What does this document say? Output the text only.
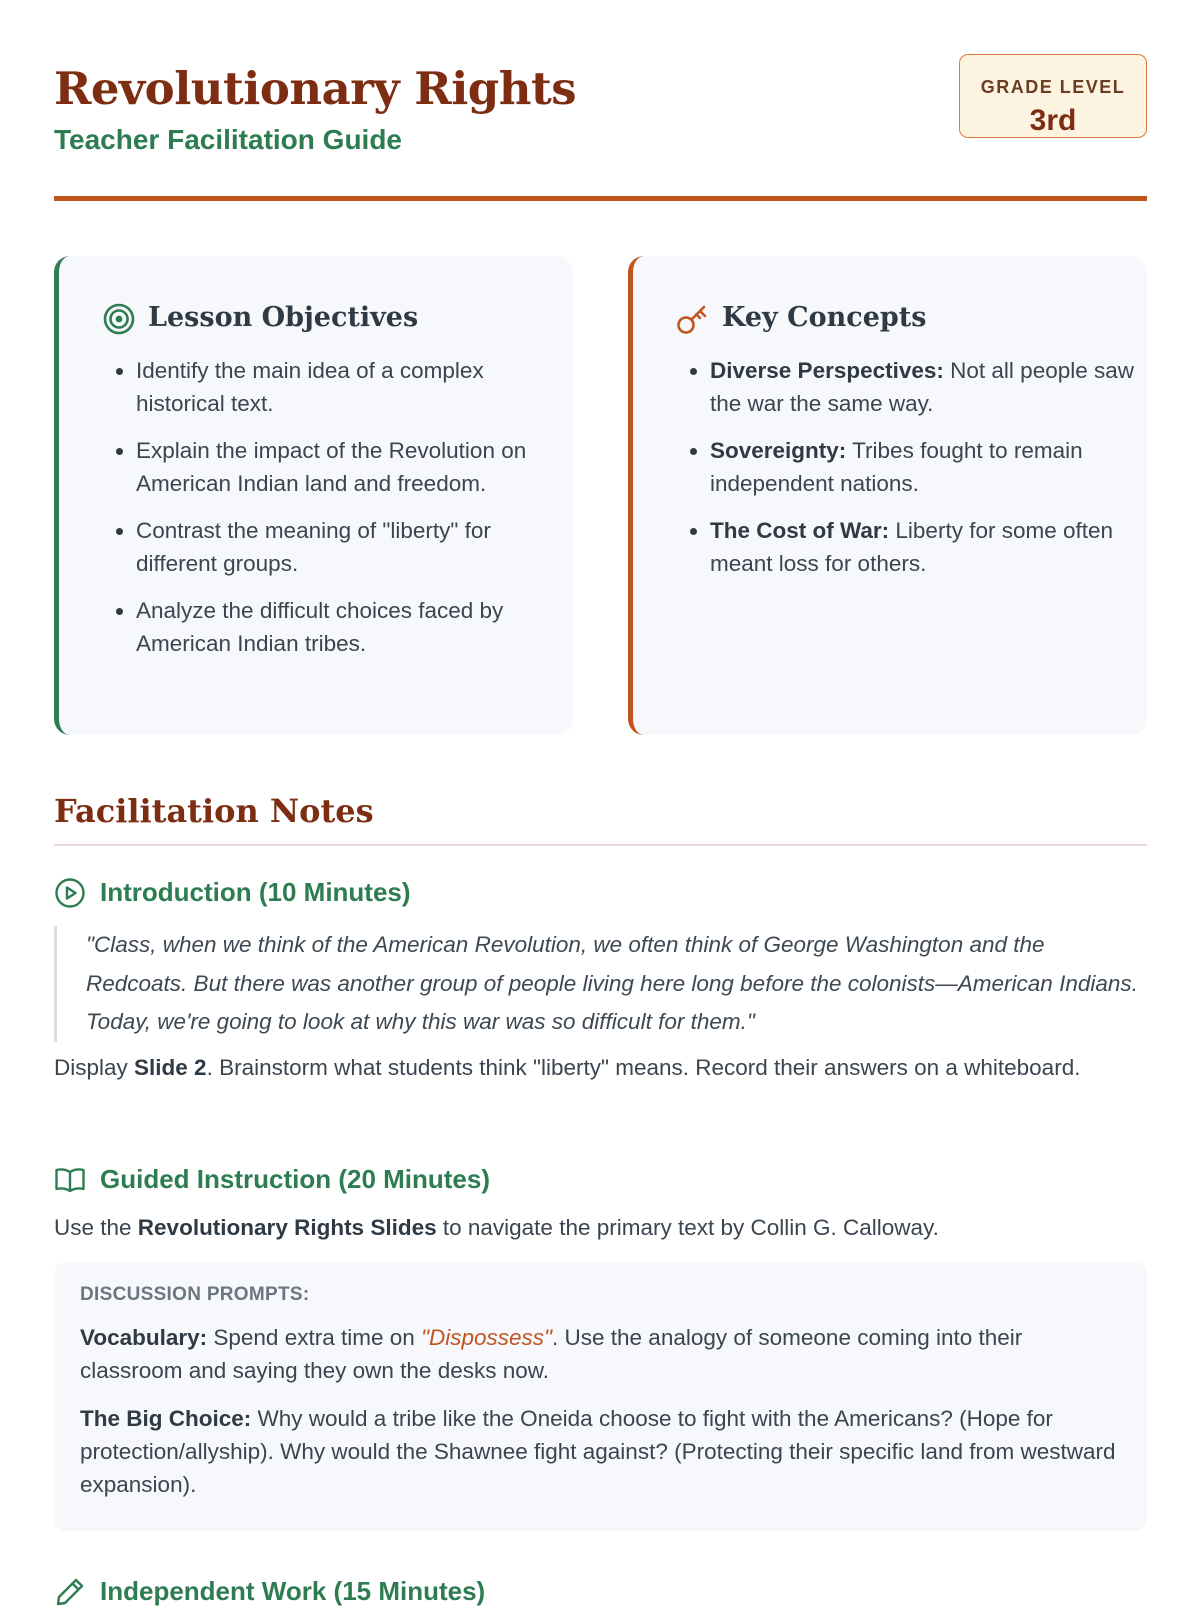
Revolutionary Rights
Teacher Facilitation Guide
GRADE LEVEL
3rd
Lesson Objectives
• Identify the main idea of a complex historical text.
• Explain the impact of the Revolution on American Indian land and freedom.
• Contrast the meaning of "liberty" for different groups.
• Analyze the difficult choices faced by American Indian tribes.
Key Concepts
• Diverse Perspectives: Not all people saw the war the same way.
• Sovereignty: Tribes fought to remain independent nations.
• The Cost of War: Liberty for some often meant loss for others.
Facilitation Notes
Introduction (10 Minutes)
"Class, when we think of the American Revolution, we often think of George Washington and the Redcoats. But there was another group of people living here long before the colonists—American Indians. Today, we're going to look at why this war was so difficult for them."

Display Slide 2. Brainstorm what students think "liberty" means. Record their answers on a whiteboard.

Guided Instruction (20 Minutes)

Use the Revolutionary Rights Slides to navigate the primary text by Collin G. Calloway.

DISCUSSION PROMPTS:

Vocabulary: Spend extra time on "Dispossess". Use the analogy of someone coming into their classroom and saying they own the desks now.

The Big Choice: Why would a tribe like the Oneida choose to fight with the Americans? (Hope for protection/allyship). Why would the Shawnee fight against? (Protecting their specific land from westward expansion).

Independent Work (15 Minutes)
